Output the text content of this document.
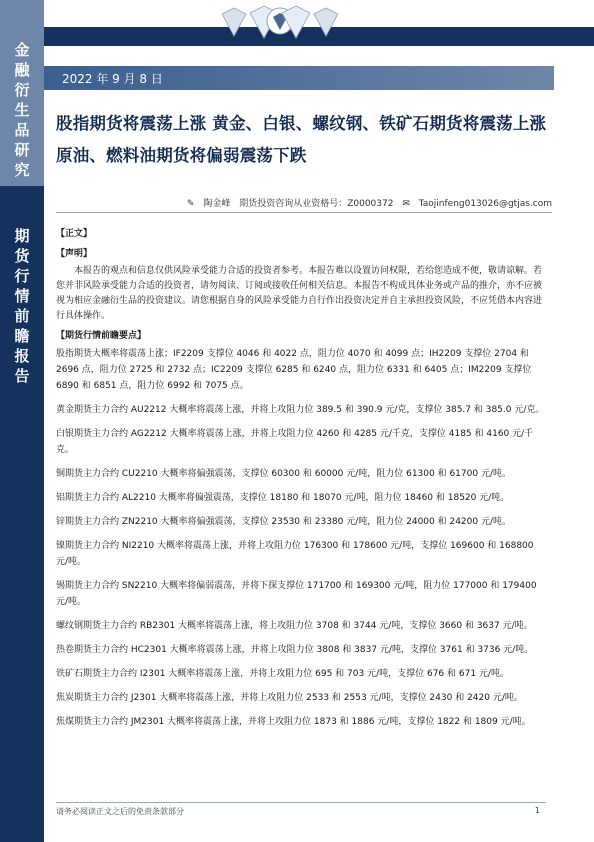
金融衍生品研究
期货行情前瞻报告
2022 年 9 月 8 日
股指期货将震荡上涨 黄金、白银、螺纹钢、铁矿石期货将震荡上涨 原油、燃料油期货将偏弱震荡下跌
✎ 陶金峰 期货投资咨询从业资格号：Z0000372 ✉ Taojinfeng013026@gtjas.com
【正文】
【声明】
本报告的观点和信息仅供风险承受能力合适的投资者参考。本报告难以设置访问权限，若给您造成不便，敬请谅解。若您并非风险承受能力合适的投资者，请勿阅读、订阅或接收任何相关信息。本报告不构成具体业务或产品的推介，亦不应被视为相应金融衍生品的投资建议。请您根据自身的风险承受能力自行作出投资决定并自主承担投资风险，不应凭借本内容进行具体操作。
【期货行情前瞻要点】
股指期货大概率将震荡上涨；IF2209 支撑位 4046 和 4022 点，阻力位 4070 和 4099 点；IH2209 支撑位 2704 和 2696 点，阻力位 2725 和 2732 点；IC2209 支撑位 6285 和 6240 点，阻力位 6331 和 6405 点；IM2209 支撑位 6890 和 6851 点，阻力位 6992 和 7075 点。
黄金期货主力合约 AU2212 大概率将震荡上涨，并将上攻阻力位 389.5 和 390.9 元/克，支撑位 385.7 和 385.0 元/克。
白银期货主力合约 AG2212 大概率将震荡上涨，并将上攻阻力位 4260 和 4285 元/千克，支撑位 4185 和 4160 元/千克。
铜期货主力合约 CU2210 大概率将偏强震荡，支撑位 60300 和 60000 元/吨，阻力位 61300 和 61700 元/吨。
铝期货主力合约 AL2210 大概率将偏强震荡，支撑位 18180 和 18070 元/吨，阻力位 18460 和 18520 元/吨。
锌期货主力合约 ZN2210 大概率将偏强震荡，支撑位 23530 和 23380 元/吨，阻力位 24000 和 24200 元/吨。
镍期货主力合约 NI2210 大概率将震荡上涨，并将上攻阻力位 176300 和 178600 元/吨，支撑位 169600 和 168800 元/吨。
锡期货主力合约 SN2210 大概率将偏弱震荡，并将下探支撑位 171700 和 169300 元/吨，阻力位 177000 和 179400 元/吨。
螺纹钢期货主力合约 RB2301 大概率将震荡上涨，将上攻阻力位 3708 和 3744 元/吨，支撑位 3660 和 3637 元/吨。
热卷期货主力合约 HC2301 大概率将震荡上涨，并将上攻阻力位 3808 和 3837 元/吨，支撑位 3761 和 3736 元/吨。
铁矿石期货主力合约 I2301 大概率将震荡上涨，并将上攻阻力位 695 和 703 元/吨，支撑位 676 和 671 元/吨。
焦炭期货主力合约 J2301 大概率将震荡上涨，并将上攻阻力位 2533 和 2553 元/吨，支撑位 2430 和 2420 元/吨。
焦煤期货主力合约 JM2301 大概率将震荡上涨，并将上攻阻力位 1873 和 1886 元/吨，支撑位 1822 和 1809 元/吨。
请务必阅读正文之后的免责条款部分	1
